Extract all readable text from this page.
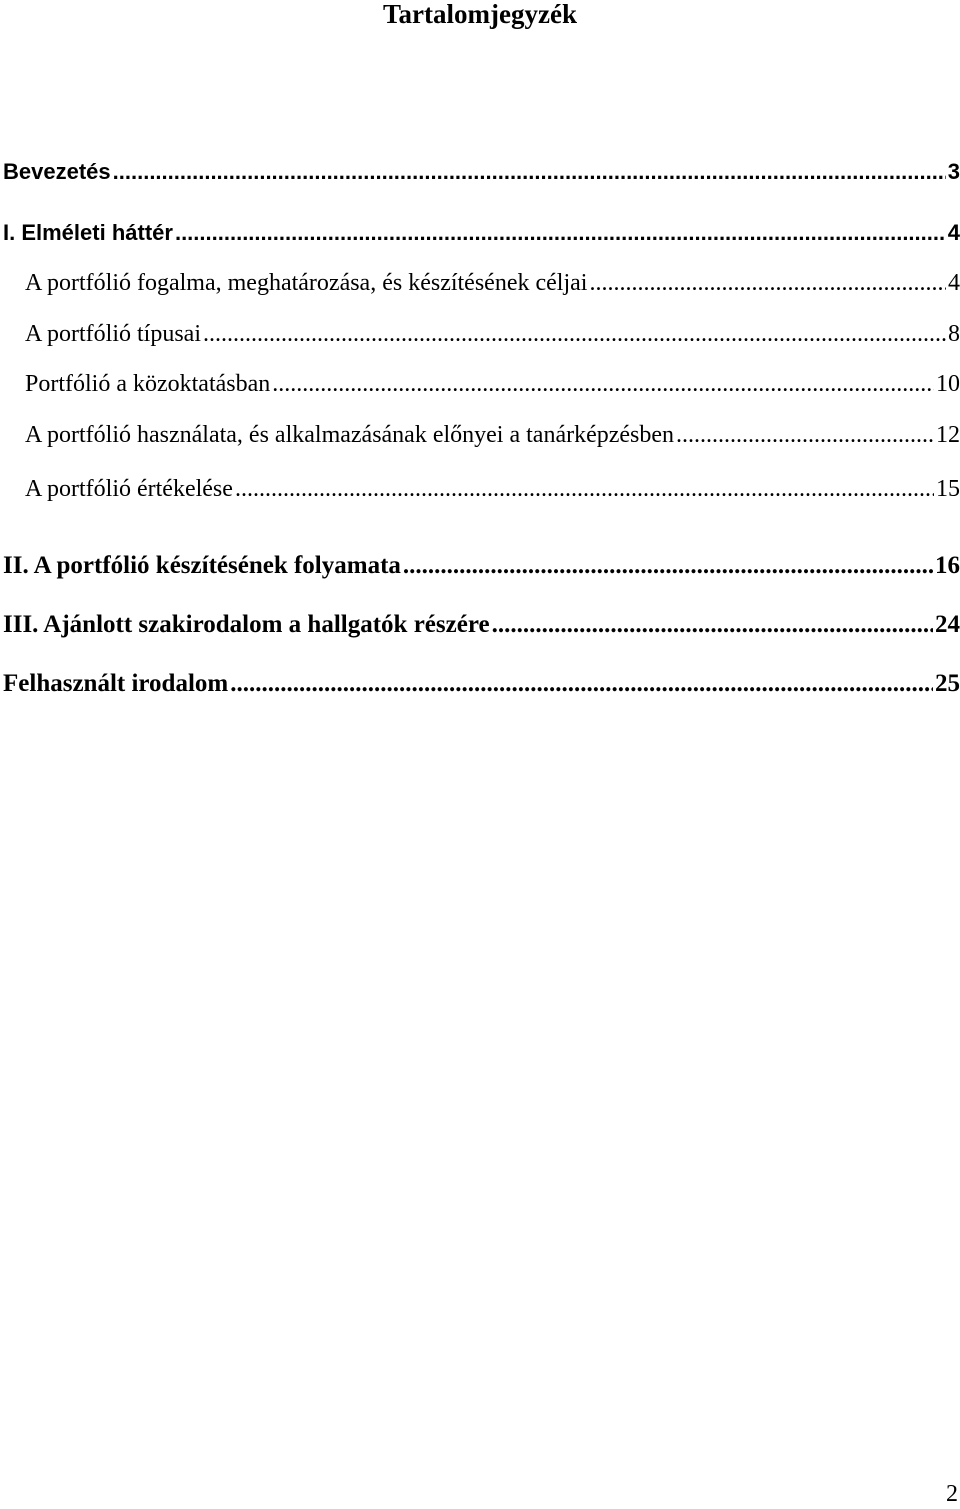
Tartalomjegyzék
Bevezetés .....	3
I. Elméleti háttér .....	4
A portfólió fogalma, meghatározása, és készítésének céljai .....	4
A portfólió típusai .....	8
Portfólió a közoktatásban .....	10
A portfólió használata, és alkalmazásának előnyei a tanárképzésben .....	12
A portfólió értékelése .....	15
II. A portfólió készítésének folyamata .....	16
III. Ajánlott szakirodalom a hallgatók részére .....	24
Felhasznált irodalom .....	25
2
